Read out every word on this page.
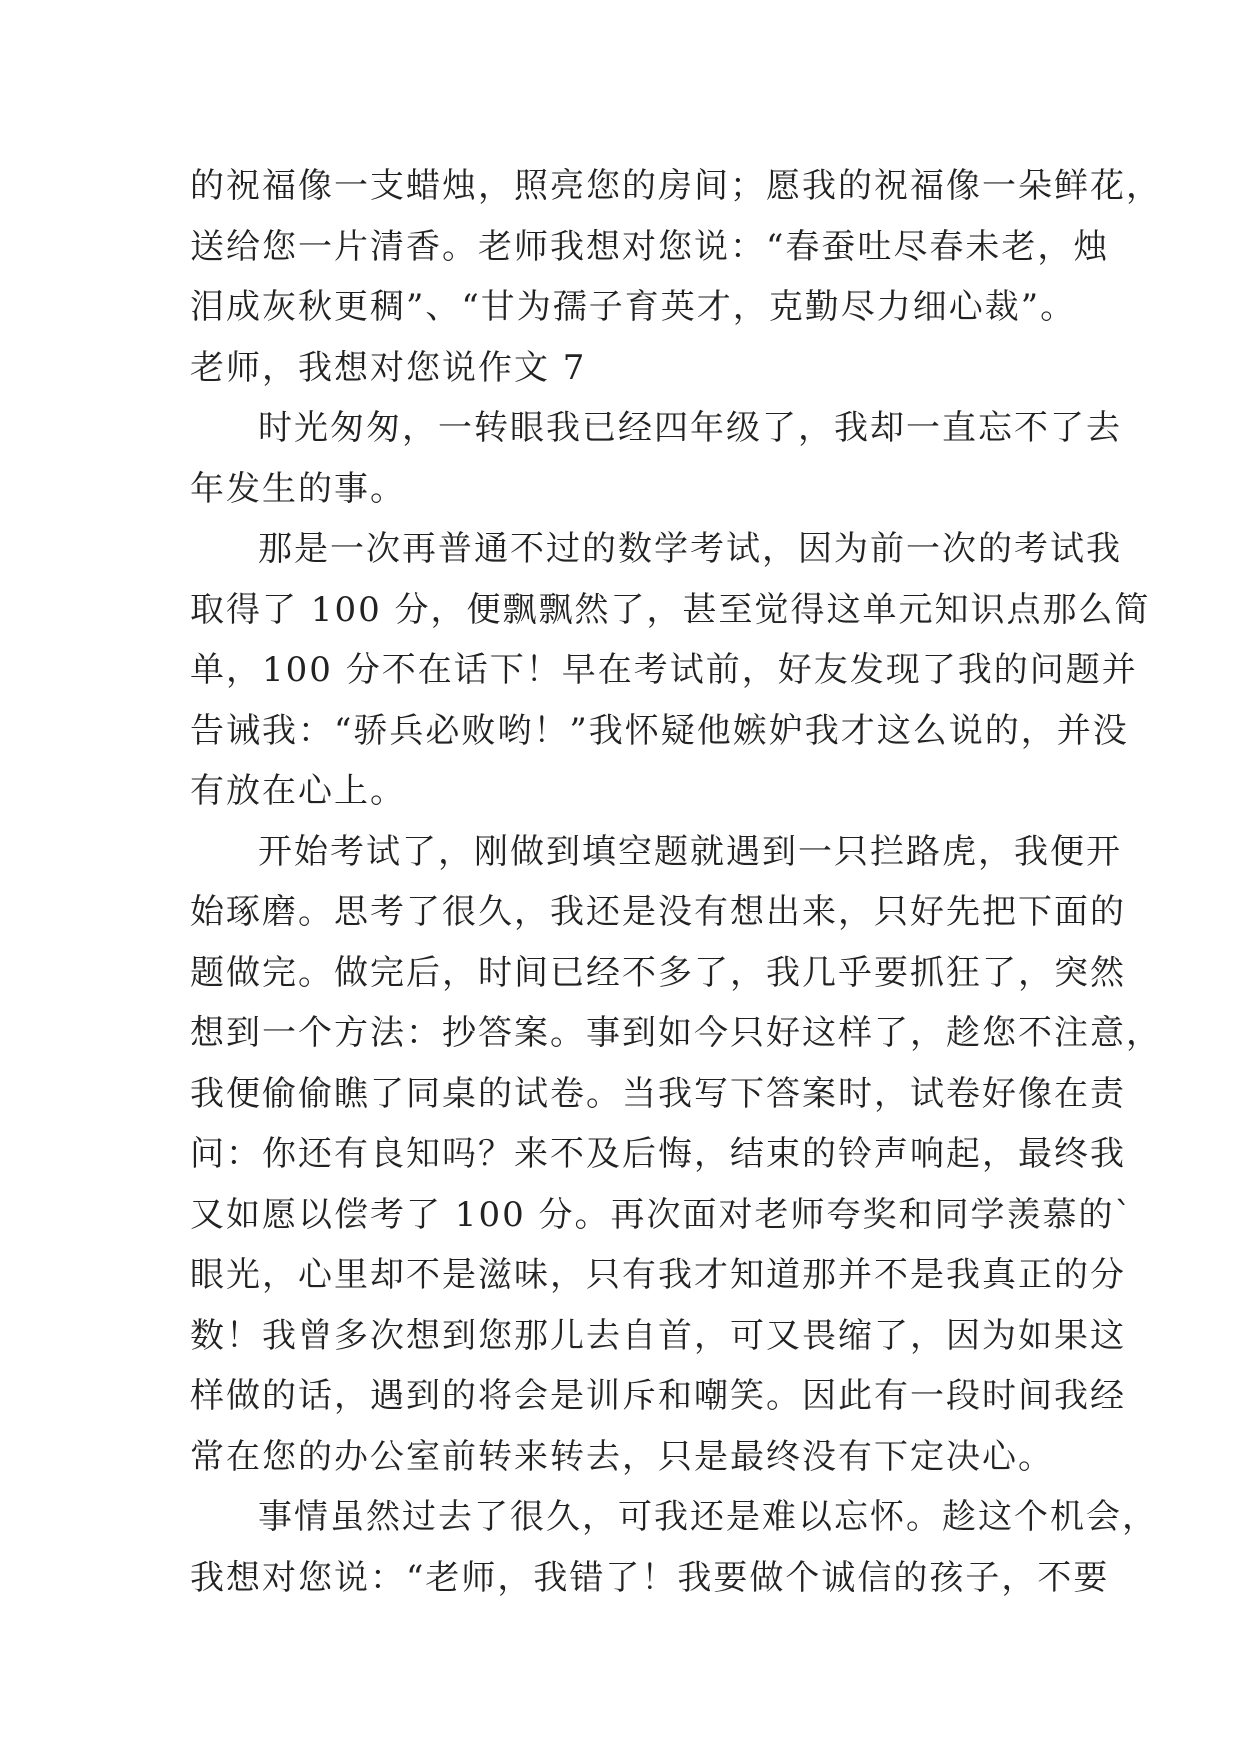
的祝福像一支蜡烛，照亮您的房间；愿我的祝福像一朵鲜花，
送给您一片清香。老师我想对您说：“春蚕吐尽春未老，烛
泪成灰秋更稠”、“甘为孺子育英才，克勤尽力细心裁”。
老师，我想对您说作文 7
时光匆匆，一转眼我已经四年级了，我却一直忘不了去
年发生的事。
那是一次再普通不过的数学考试，因为前一次的考试我
取得了 100 分，便飘飘然了，甚至觉得这单元知识点那么简
单，100 分不在话下！早在考试前，好友发现了我的问题并
告诫我：“骄兵必败哟！”我怀疑他嫉妒我才这么说的，并没
有放在心上。
开始考试了，刚做到填空题就遇到一只拦路虎，我便开
始琢磨。思考了很久，我还是没有想出来，只好先把下面的
题做完。做完后，时间已经不多了，我几乎要抓狂了，突然
想到一个方法：抄答案。事到如今只好这样了，趁您不注意，
我便偷偷瞧了同桌的试卷。当我写下答案时，试卷好像在责
问：你还有良知吗？来不及后悔，结束的铃声响起，最终我
又如愿以偿考了 100 分。再次面对老师夸奖和同学羡慕的`
眼光，心里却不是滋味，只有我才知道那并不是我真正的分
数！我曾多次想到您那儿去自首，可又畏缩了，因为如果这
样做的话，遇到的将会是训斥和嘲笑。因此有一段时间我经
常在您的办公室前转来转去，只是最终没有下定决心。
事情虽然过去了很久，可我还是难以忘怀。趁这个机会，
我想对您说：“老师，我错了！我要做个诚信的孩子，不要
